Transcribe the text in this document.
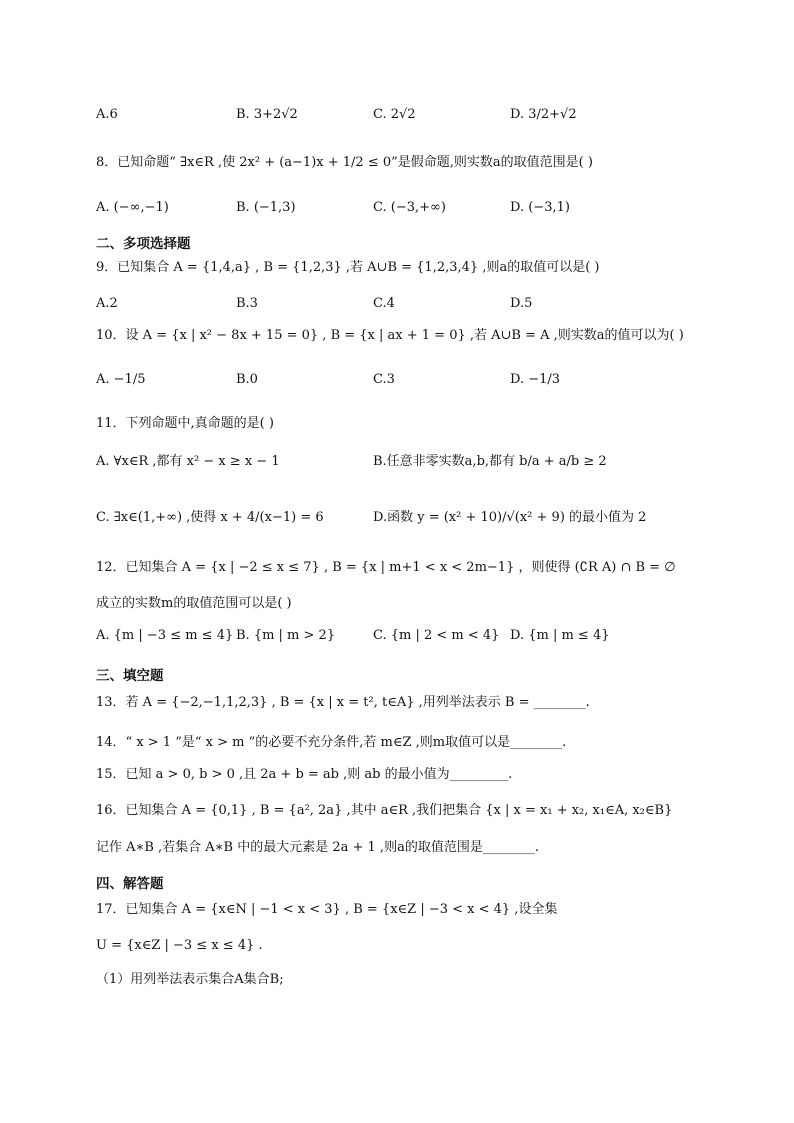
A.6	B. 3+2√2	C. 2√2	D. 3/2+√2
8．已知命题“ ∃x∈R ,使 2x² + (a−1)x + 1/2 ≤ 0”是假命题,则实数a的取值范围是( )
A. (−∞,−1)	B. (−1,3)	C. (−3,+∞)	D. (−3,1)
二、多项选择题
9．已知集合 A = {1,4,a} , B = {1,2,3} ,若 A∪B = {1,2,3,4} ,则a的取值可以是( )
A.2	B.3	C.4	D.5
10．设 A = {x | x² − 8x + 15 = 0} , B = {x | ax + 1 = 0} ,若 A∪B = A ,则实数a的值可以为( )
A. −1/5	B.0	C.3	D. −1/3
11．下列命题中,真命题的是( )
A. ∀x∈R ,都有 x² − x ≥ x − 1	B.任意非零实数a,b,都有 b/a + a/b ≥ 2
C. ∃x∈(1,+∞) ,使得 x + 4/(x−1) = 6	D.函数 y = (x² + 10)/√(x² + 9) 的最小值为 2
12．已知集合 A = {x | −2 ≤ x ≤ 7} , B = {x | m+1 < x < 2m−1} ，则使得 (∁R A) ∩ B = ∅
成立的实数m的取值范围可以是( )
A. {m | −3 ≤ m ≤ 4} B. {m | m > 2}	C. {m | 2 < m < 4} D. {m | m ≤ 4}
三、填空题
13．若 A = {−2,−1,1,2,3} , B = {x | x = t², t∈A} ,用列举法表示 B = ________.
14．“ x > 1 ”是“ x > m ”的必要不充分条件,若 m∈Z ,则m取值可以是________.
15．已知 a > 0, b > 0 ,且 2a + b = ab ,则 ab 的最小值为_________.
16．已知集合 A = {0,1} , B = {a², 2a} ,其中 a∈R ,我们把集合 {x | x = x₁ + x₂, x₁∈A, x₂∈B}
记作 A∗B ,若集合 A∗B 中的最大元素是 2a + 1 ,则a的取值范围是________.
四、解答题
17．已知集合 A = {x∈N | −1 < x < 3} , B = {x∈Z | −3 < x < 4} ,设全集
U = {x∈Z | −3 ≤ x ≤ 4} .
（1）用列举法表示集合A集合B;
